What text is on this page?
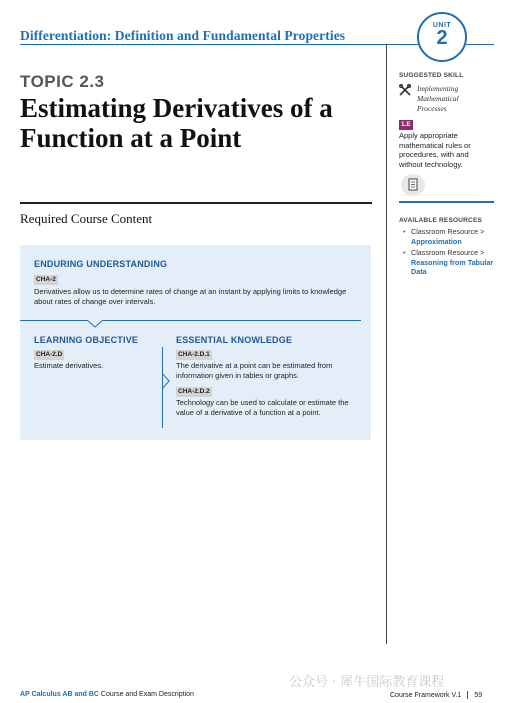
Differentiation: Definition and Fundamental Properties
UNIT
2
TOPIC 2.3
Estimating Derivatives of a Function at a Point
Required Course Content
ENDURING UNDERSTANDING
CHA-2
Derivatives allow us to determine rates of change at an instant by applying limits to knowledge about rates of change over intervals.
LEARNING OBJECTIVE
CHA-2.D
Estimate derivatives.
ESSENTIAL KNOWLEDGE
CHA-2.D.1
The derivative at a point can be estimated from information given in tables or graphs.
CHA-2.D.2
Technology can be used to calculate or estimate the value of a derivative of a function at a point.
SUGGESTED SKILL
Implementing
Mathematical
Processes
1.E
Apply appropriate mathematical rules or procedures, with and without technology.
AVAILABLE RESOURCES
• Classroom Resource > Approximation
• Classroom Resource > Reasoning from Tabular Data
AP Calculus AB and BC Course and Exam Description	Course Framework V.1 59
公众号 · 犀牛国际教育课程
